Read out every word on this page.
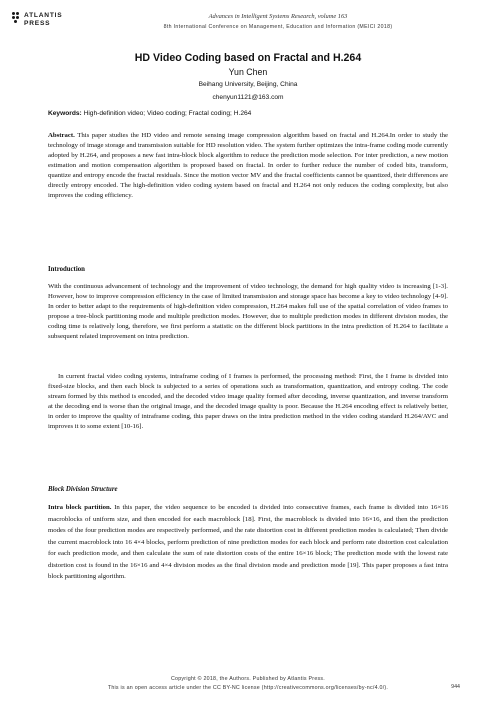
ATLANTIS
PRESS
Advances in Intelligent Systems Research, volume 163
8th International Conference on Management, Education and Information (MEICI 2018)
HD Video Coding based on Fractal and H.264
Yun Chen
Beihang University, Beijing, China
chenyun1121@163.com
Keywords: High-definition video; Video coding; Fractal coding; H.264

Abstract. This paper studies the HD video and remote sensing image compression algorithm based on fractal and H.264.In order to study the technology of image storage and transmission suitable for HD resolution video. The system further optimizes the intra-frame coding mode currently adopted by H.264, and proposes a new fast intra-block block algorithm to reduce the prediction mode selection. For inter prediction, a new motion estimation and motion compensation algorithm is proposed based on fractal. In order to further reduce the number of coded bits, transform, quantize and entropy encode the fractal residuals. Since the motion vector MV and the fractal coefficients cannot be quantized, their differences are directly entropy encoded. The high-definition video coding system based on fractal and H.264 not only reduces the coding complexity, but also improves the coding efficiency.

Introduction

With the continuous advancement of technology and the improvement of video technology, the demand for high quality video is increasing [1-3]. However, how to improve compression efficiency in the case of limited transmission and storage space has become a key to video technology [4-9]. In order to better adapt to the requirements of high-definition video compression, H.264 makes full use of the spatial correlation of video frames to propose a tree-block partitioning mode and multiple prediction modes. However, due to multiple prediction modes in different division modes, the coding time is relatively long, therefore, we first perform a statistic on the different block partitions in the intra prediction of H.264 to facilitate a subsequent related improvement on intra prediction.

In current fractal video coding systems, intraframe coding of I frames is performed, the processing method: First, the I frame is divided into fixed-size blocks, and then each block is subjected to a series of operations such as transformation, quantization, and entropy coding. The code stream formed by this method is encoded, and the decoded video image quality formed after decoding, inverse quantization, and inverse transform at the decoding end is worse than the original image, and the decoded image quality is poor. Because the H.264 encoding effect is relatively better, in order to improve the quality of intraframe coding, this paper draws on the intra prediction method in the video coding standard H.264/AVC and improves it to some extent [10-16].

Block Division Structure

Intra block partition. In this paper, the video sequence to be encoded is divided into consecutive frames, each frame is divided into 16×16 macroblocks of uniform size, and then encoded for each macroblock [18]. First, the macroblock is divided into 16×16, and then the prediction modes of the four prediction modes are respectively performed, and the rate distortion cost in different prediction modes is calculated; Then divide the current macroblock into 16 4×4 blocks, perform prediction of nine prediction modes for each block and perform rate distortion cost calculation for each prediction mode, and then calculate the sum of rate distortion costs of the entire 16×16 block; The prediction mode with the lowest rate distortion cost is found in the 16×16 and 4×4 division modes as the final division mode and prediction mode [19]. This paper proposes a fast intra block partitioning algorithm.

Copyright © 2018, the Authors. Published by Atlantis Press.
This is an open access article under the CC BY-NC license (http://creativecommons.org/licenses/by-nc/4.0/).	944
